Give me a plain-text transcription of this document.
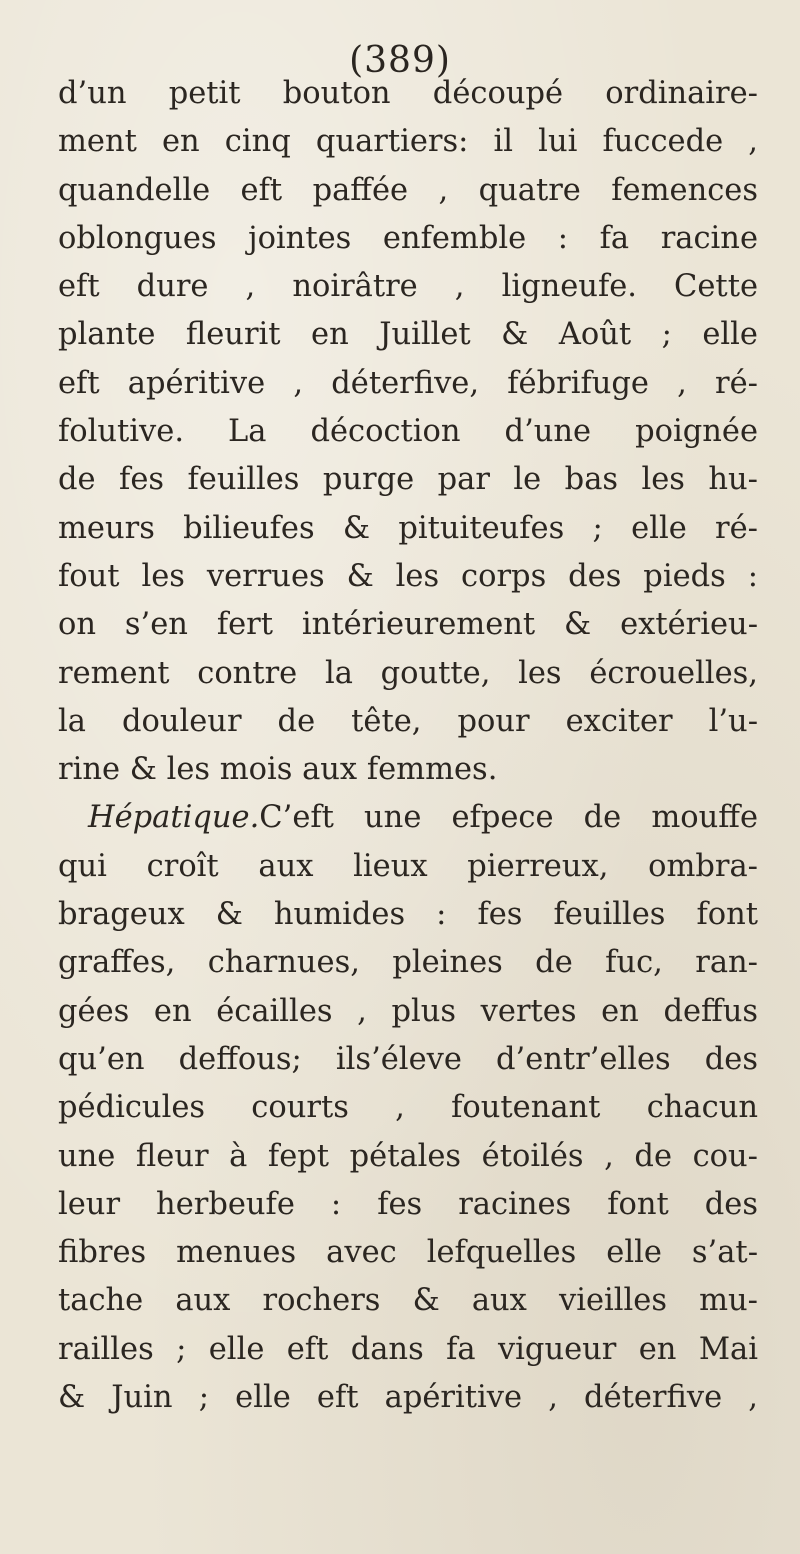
(389)
d’un petit bouton découpé ordinaire-
ment en cinq quartiers: il lui fuccede ,
quandelle eft paffée , quatre femences
oblongues jointes enfemble : fa racine
eft dure , noirâtre , ligneufe. Cette
plante fleurit en Juillet & Août ; elle
eft apéritive , déterfive, fébrifuge , ré-
folutive. La décoction d’une poignée
de fes feuilles purge par le bas les hu-
meurs bilieufes & pituiteufes ; elle ré-
fout les verrues & les corps des pieds :
on s’en fert intérieurement & extérieu-
rement contre la goutte, les écrouelles,
la douleur de tête, pour exciter l’u-
rine & les mois aux femmes.
Hépatique.C’eft une efpece de mouffe
qui croît aux lieux pierreux, ombra-
brageux & humides : fes feuilles font
graffes, charnues, pleines de fuc, ran-
gées en écailles , plus vertes en deffus
qu’en deffous; ils’éleve d’entr’elles des
pédicules courts , foutenant chacun
une fleur à fept pétales étoilés , de cou-
leur herbeufe : fes racines font des
fibres menues avec lefquelles elle s’at-
tache aux rochers & aux vieilles mu-
railles ; elle eft dans fa vigueur en Mai
& Juin ; elle eft apéritive , déterfive ,
